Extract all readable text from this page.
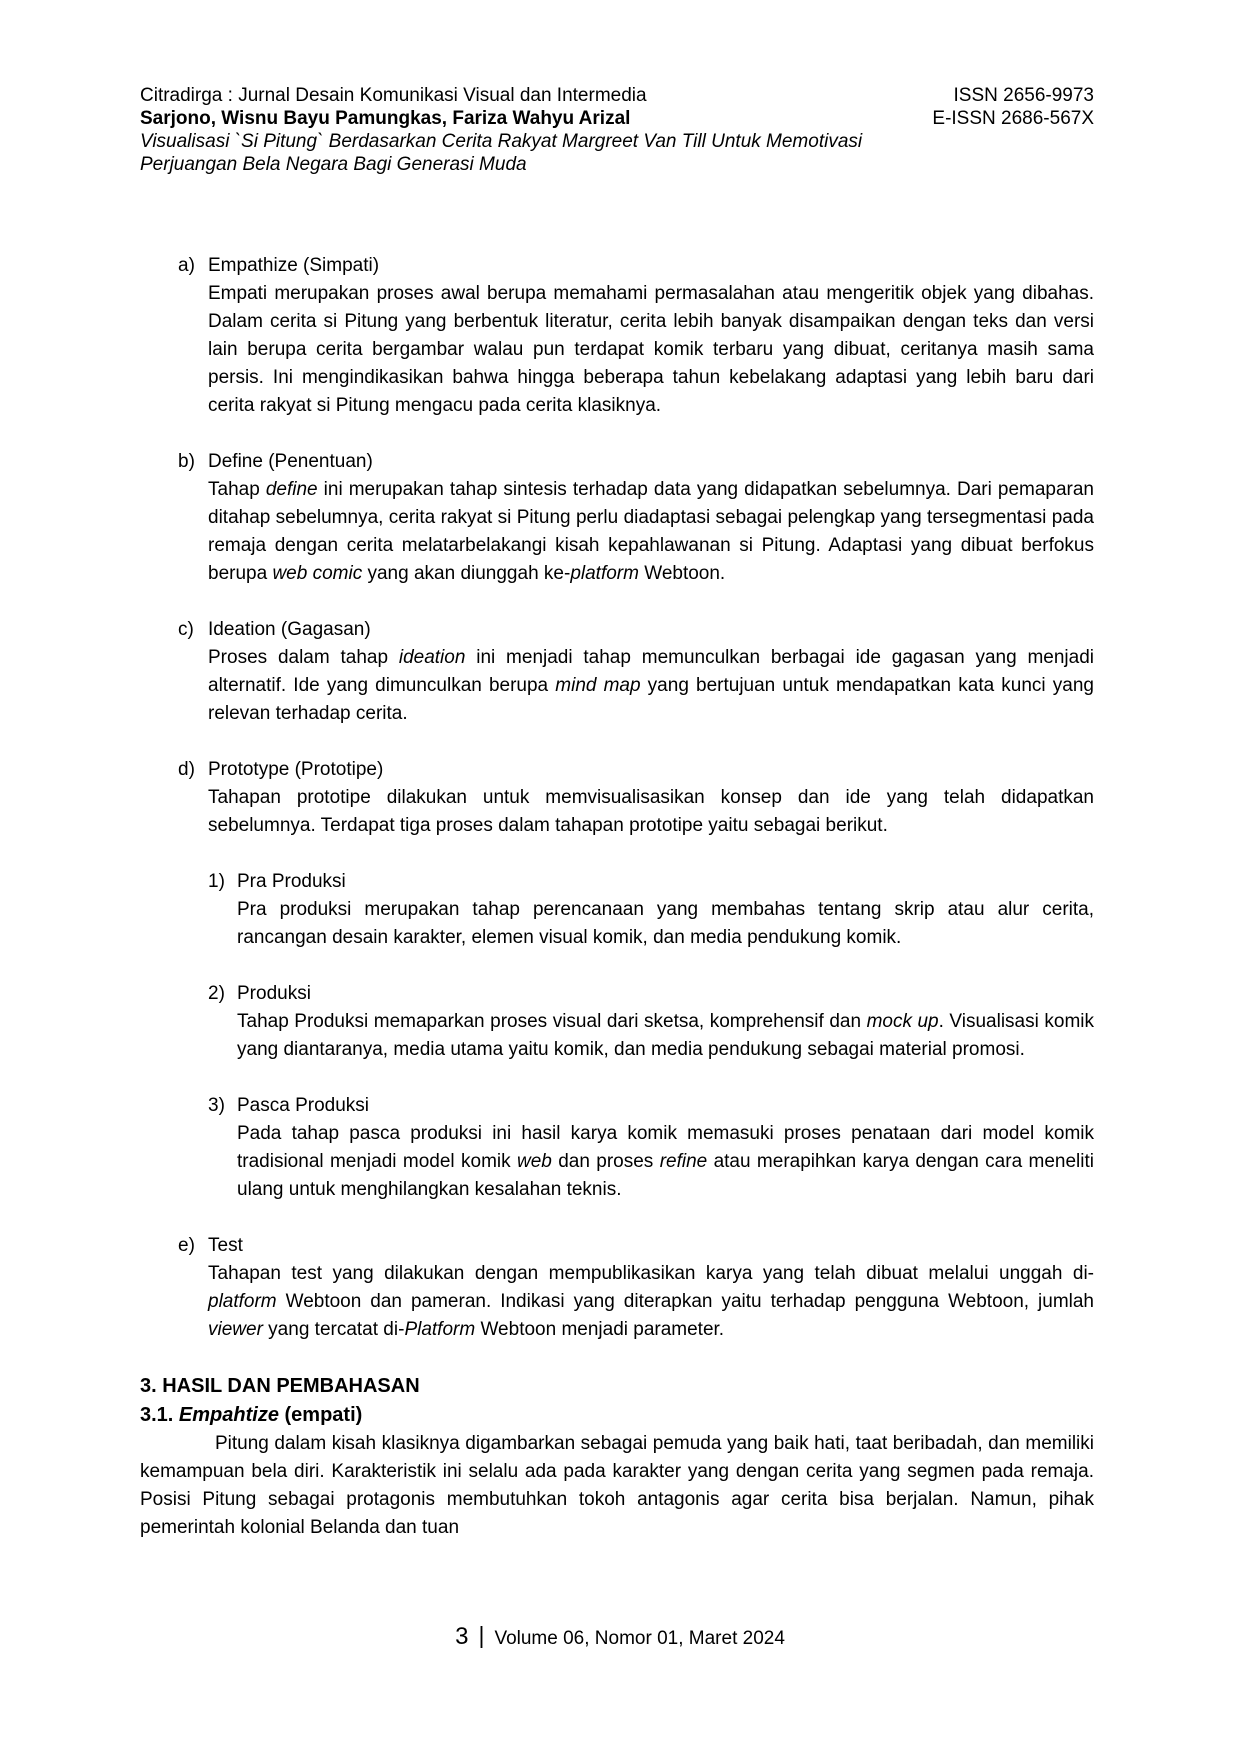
Citradirga : Jurnal Desain Komunikasi Visual dan Intermedia
Sarjono, Wisnu Bayu Pamungkas, Fariza Wahyu Arizal
Visualisasi `Si Pitung` Berdasarkan Cerita Rakyat Margreet Van Till Untuk Memotivasi
Perjuangan Bela Negara Bagi Generasi Muda
ISSN 2656-9973
E-ISSN 2686-567X
a) Empathize (Simpati)

Empati merupakan proses awal berupa memahami permasalahan atau mengeritik objek yang dibahas. Dalam cerita si Pitung yang berbentuk literatur, cerita lebih banyak disampaikan dengan teks dan versi lain berupa cerita bergambar walau pun terdapat komik terbaru yang dibuat, ceritanya masih sama persis. Ini mengindikasikan bahwa hingga beberapa tahun kebelakang adaptasi yang lebih baru dari cerita rakyat si Pitung mengacu pada cerita klasiknya.

b) Define (Penentuan)

Tahap define ini merupakan tahap sintesis terhadap data yang didapatkan sebelumnya. Dari pemaparan ditahap sebelumnya, cerita rakyat si Pitung perlu diadaptasi sebagai pelengkap yang tersegmentasi pada remaja dengan cerita melatarbelakangi kisah kepahlawanan si Pitung. Adaptasi yang dibuat berfokus berupa web comic yang akan diunggah ke-platform Webtoon.

c) Ideation (Gagasan)

Proses dalam tahap ideation ini menjadi tahap memunculkan berbagai ide gagasan yang menjadi alternatif. Ide yang dimunculkan berupa mind map yang bertujuan untuk mendapatkan kata kunci yang relevan terhadap cerita.

d) Prototype (Prototipe)

Tahapan prototipe dilakukan untuk memvisualisasikan konsep dan ide yang telah didapatkan sebelumnya. Terdapat tiga proses dalam tahapan prototipe yaitu sebagai berikut.

1) Pra Produksi

Pra produksi merupakan tahap perencanaan yang membahas tentang skrip atau alur cerita, rancangan desain karakter, elemen visual komik, dan media pendukung komik.

2) Produksi

Tahap Produksi memaparkan proses visual dari sketsa, komprehensif dan mock up. Visualisasi komik yang diantaranya, media utama yaitu komik, dan media pendukung sebagai material promosi.

3) Pasca Produksi

Pada tahap pasca produksi ini hasil karya komik memasuki proses penataan dari model komik tradisional menjadi model komik web dan proses refine atau merapihkan karya dengan cara meneliti ulang untuk menghilangkan kesalahan teknis.

e) Test

Tahapan test yang dilakukan dengan mempublikasikan karya yang telah dibuat melalui unggah di-platform Webtoon dan pameran. Indikasi yang diterapkan yaitu terhadap pengguna Webtoon, jumlah viewer yang tercatat di-Platform Webtoon menjadi parameter.

3. HASIL DAN PEMBAHASAN
3.1. Empahtize (empati)

Pitung dalam kisah klasiknya digambarkan sebagai pemuda yang baik hati, taat beribadah, dan memiliki kemampuan bela diri. Karakteristik ini selalu ada pada karakter yang dengan cerita yang segmen pada remaja. Posisi Pitung sebagai protagonis membutuhkan tokoh antagonis agar cerita bisa berjalan. Namun, pihak pemerintah kolonial Belanda dan tuan

3 | Volume 06, Nomor 01, Maret 2024
